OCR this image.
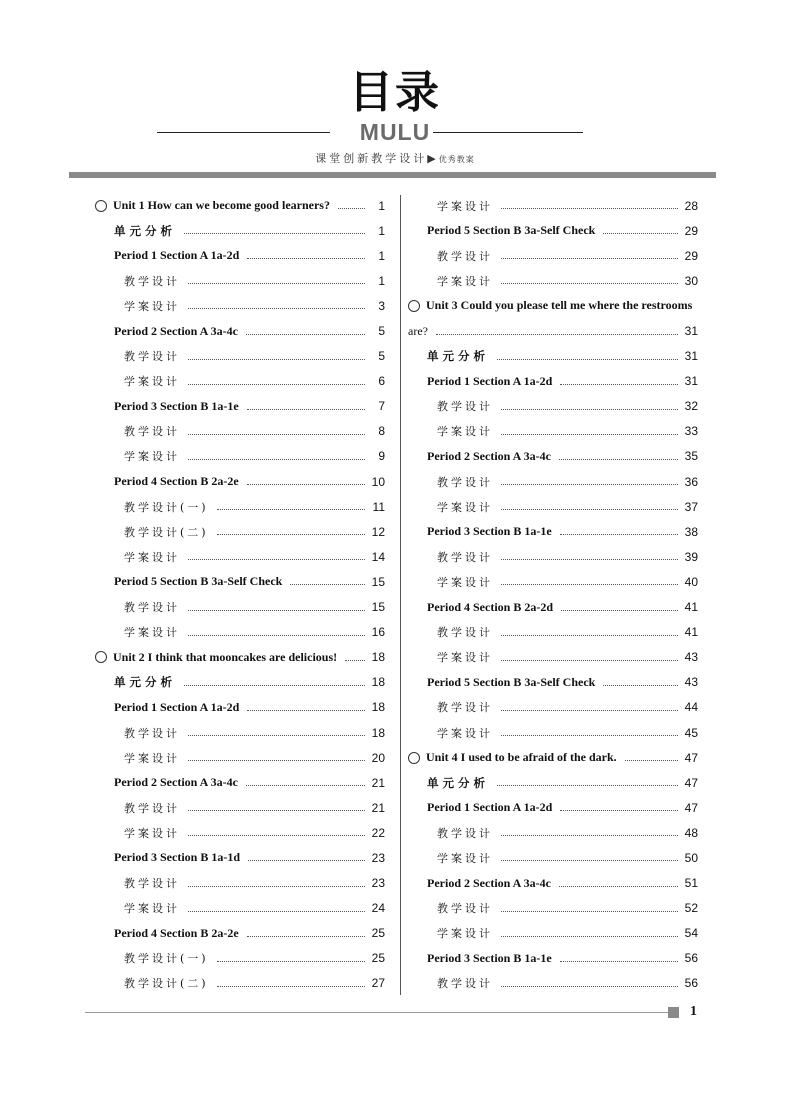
目录
MULU
课堂创新教学设计▶优秀教案
Unit 1 How can we become good learners?	1
单元分析	1
Period 1 Section A 1a-2d	1
教学设计	1
学案设计	3
Period 2 Section A 3a-4c	5
教学设计	5
学案设计	6
Period 3 Section B 1a-1e	7
教学设计	8
学案设计	9
Period 4 Section B 2a-2e	10
教学设计(一)	11
教学设计(二)	12
学案设计	14
Period 5 Section B 3a-Self Check	15
教学设计	15
学案设计	16
Unit 2 I think that mooncakes are delicious!	18
单元分析	18
Period 1 Section A 1a-2d	18
教学设计	18
学案设计	20
Period 2 Section A 3a-4c	21
教学设计	21
学案设计	22
Period 3 Section B 1a-1d	23
教学设计	23
学案设计	24
Period 4 Section B 2a-2e	25
教学设计(一)	25
教学设计(二)	27
学案设计	28
Period 5 Section B 3a-Self Check	29
教学设计	29
学案设计	30
Unit 3 Could you please tell me where the restrooms
are?	31
单元分析	31
Period 1 Section A 1a-2d	31
教学设计	32
学案设计	33
Period 2 Section A 3a-4c	35
教学设计	36
学案设计	37
Period 3 Section B 1a-1e	38
教学设计	39
学案设计	40
Period 4 Section B 2a-2d	41
教学设计	41
学案设计	43
Period 5 Section B 3a-Self Check	43
教学设计	44
学案设计	45
Unit 4 I used to be afraid of the dark.	47
单元分析	47
Period 1 Section A 1a-2d	47
教学设计	48
学案设计	50
Period 2 Section A 3a-4c	51
教学设计	52
学案设计	54
Period 3 Section B 1a-1e	56
教学设计	56
1
